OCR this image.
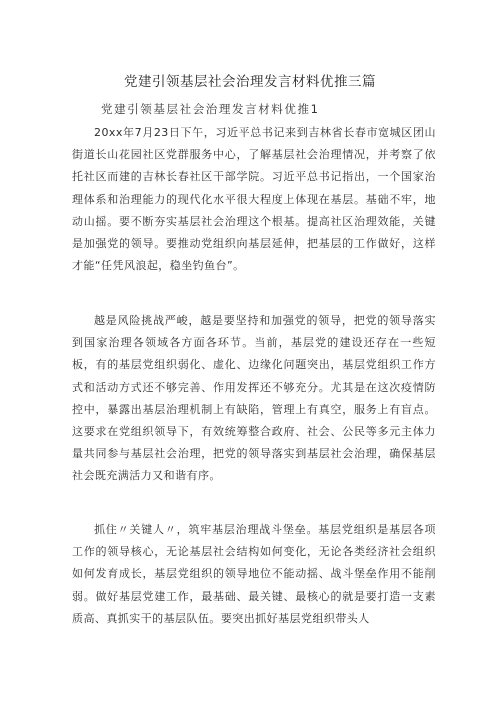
党建引领基层社会治理发言材料优推三篇
党建引领基层社会治理发言材料优推1

20xx年7月23日下午，习近平总书记来到吉林省长春市宽城区团山街道长山花园社区党群服务中心，了解基层社会治理情况，并考察了依托社区而建的吉林长春社区干部学院。习近平总书记指出，一个国家治理体系和治理能力的现代化水平很大程度上体现在基层。基础不牢，地动山摇。要不断夯实基层社会治理这个根基。提高社区治理效能，关键是加强党的领导。要推动党组织向基层延伸，把基层的工作做好，这样才能“任凭风浪起，稳坐钓鱼台”。

越是风险挑战严峻，越是要坚持和加强党的领导，把党的领导落实到国家治理各领域各方面各环节。当前，基层党的建设还存在一些短板，有的基层党组织弱化、虚化、边缘化问题突出，基层党组织工作方式和活动方式还不够完善、作用发挥还不够充分。尤其是在这次疫情防控中，暴露出基层治理机制上有缺陷，管理上有真空，服务上有盲点。这要求在党组织领导下，有效统筹整合政府、社会、公民等多元主体力量共同参与基层社会治理，把党的领导落实到基层社会治理，确保基层社会既充满活力又和谐有序。

抓住〃关键人〃，筑牢基层治理战斗堡垒。基层党组织是基层各项工作的领导核心，无论基层社会结构如何变化，无论各类经济社会组织如何发育成长，基层党组织的领导地位不能动摇、战斗堡垒作用不能削弱。做好基层党建工作，最基础、最关键、最核心的就是要打造一支素质高、真抓实干的基层队伍。要突出抓好基层党组织带头人
